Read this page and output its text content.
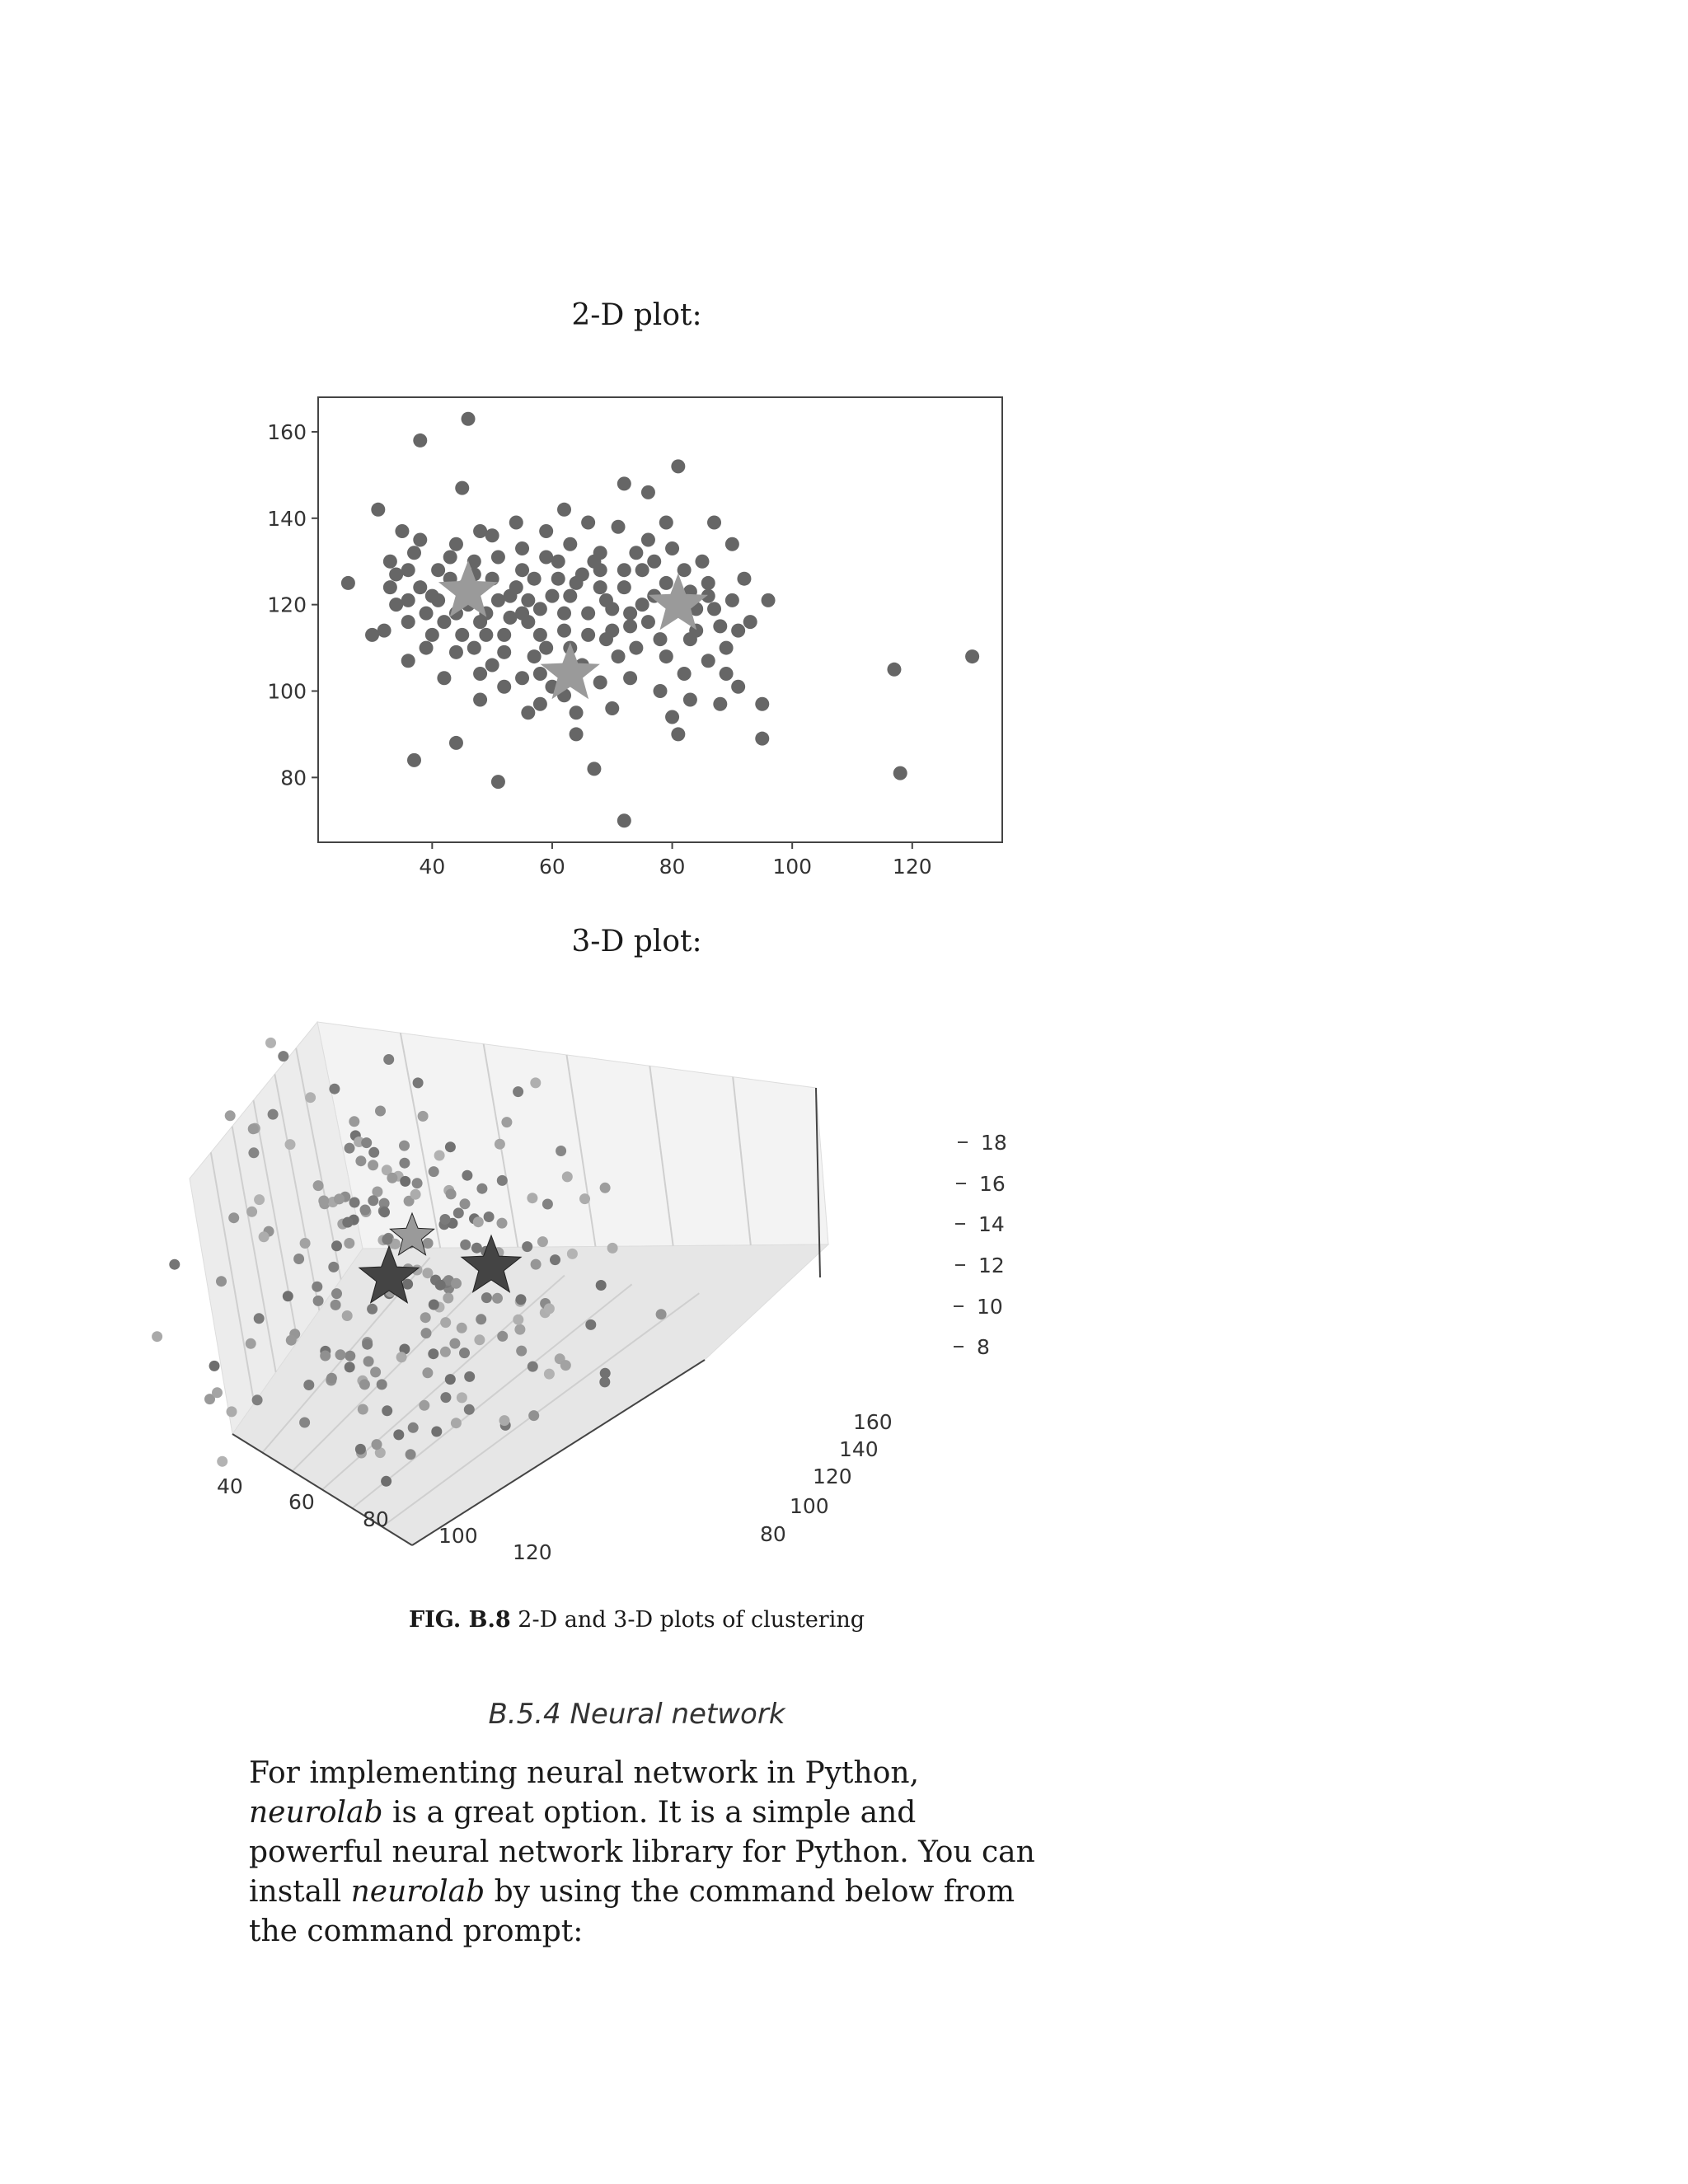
2-D plot:
80
100
120
140
160
40	60	80	100	120
3-D plot:
40
60
80
100
120
80
100
120
140
160
8
10
12
14
16
18
FIG. B.8 2-D and 3-D plots of clustering
B.5.4 Neural network
For implementing neural network in Python, neurolab is a great option. It is a simple and powerful neural network library for Python. You can install neurolab by using the command below from the command prompt:
